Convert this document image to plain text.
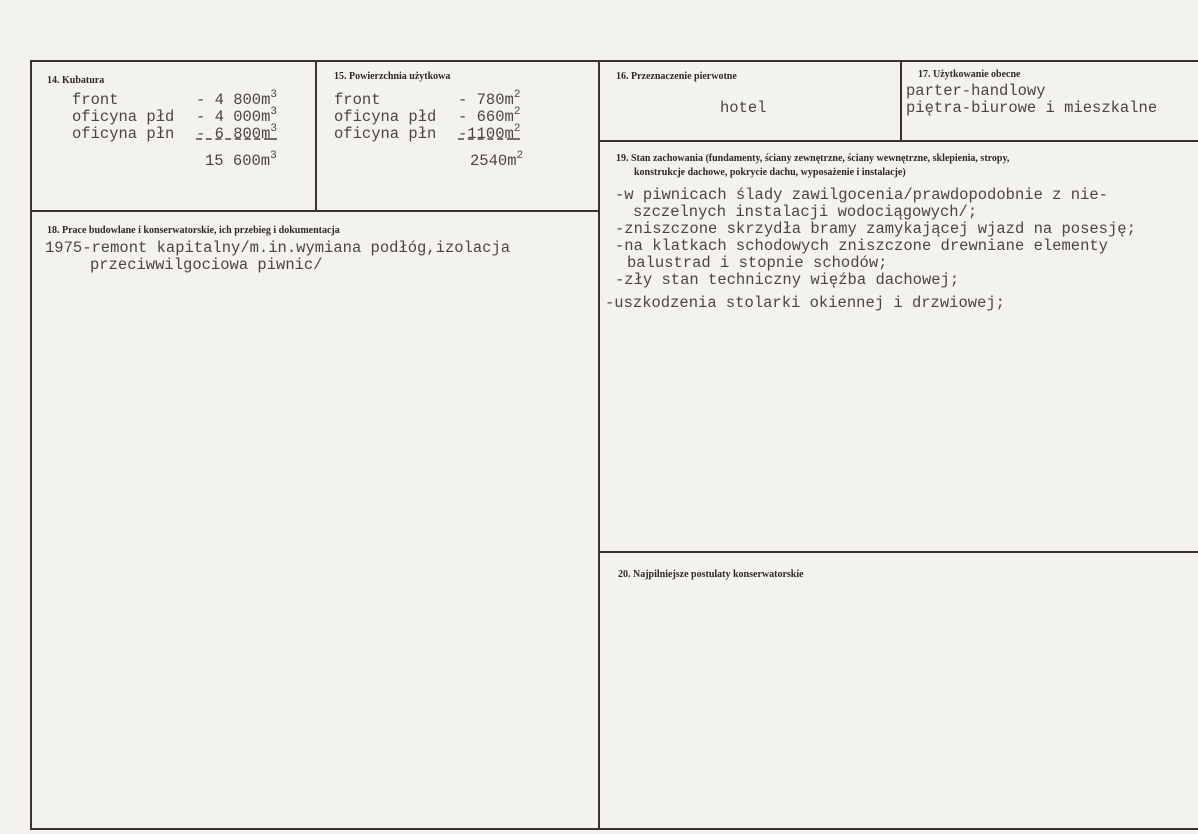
14. Kubatura
front	- 4 $800m^3$
oficyna płd - 4 $000m^3$
oficyna płn - 6 $800m^3$
15 $600m^3$
15. Powierzchnia użytkowa
front	- $780m^2$
oficyna płd - $660m^2$
oficyna płn $-1100m^2$
$2540m^2$
16. Przeznaczenie pierwotne
hotel
17. Użytkowanie obecne
parter-handlowy
piętra-biurowe i mieszkalne
18. Prace budowlane i konserwatorskie, ich przebieg i dokumentacja
1975-remont kapitalny/m.in.wymiana podłóg,izolacja
przeciwwilgociowa piwnic/
19. Stan zachowania (fundamenty, ściany zewnętrzne, ściany wewnętrzne, sklepienia, stropy,
konstrukcje dachowe, pokrycie dachu, wyposażenie i instalacje)
-w piwnicach ślady zawilgocenia/prawdopodobnie z nie-
szczelnych instalacji wodociągowych/;
-zniszczone skrzydła bramy zamykającej wjazd na posesję;
-na klatkach schodowych zniszczone drewniane elementy
balustrad i stopnie schodów;
-zły stan techniczny więźba dachowej;
-uszkodzenia stolarki okiennej i drzwiowej;
20. Najpilniejsze postulaty konserwatorskie
